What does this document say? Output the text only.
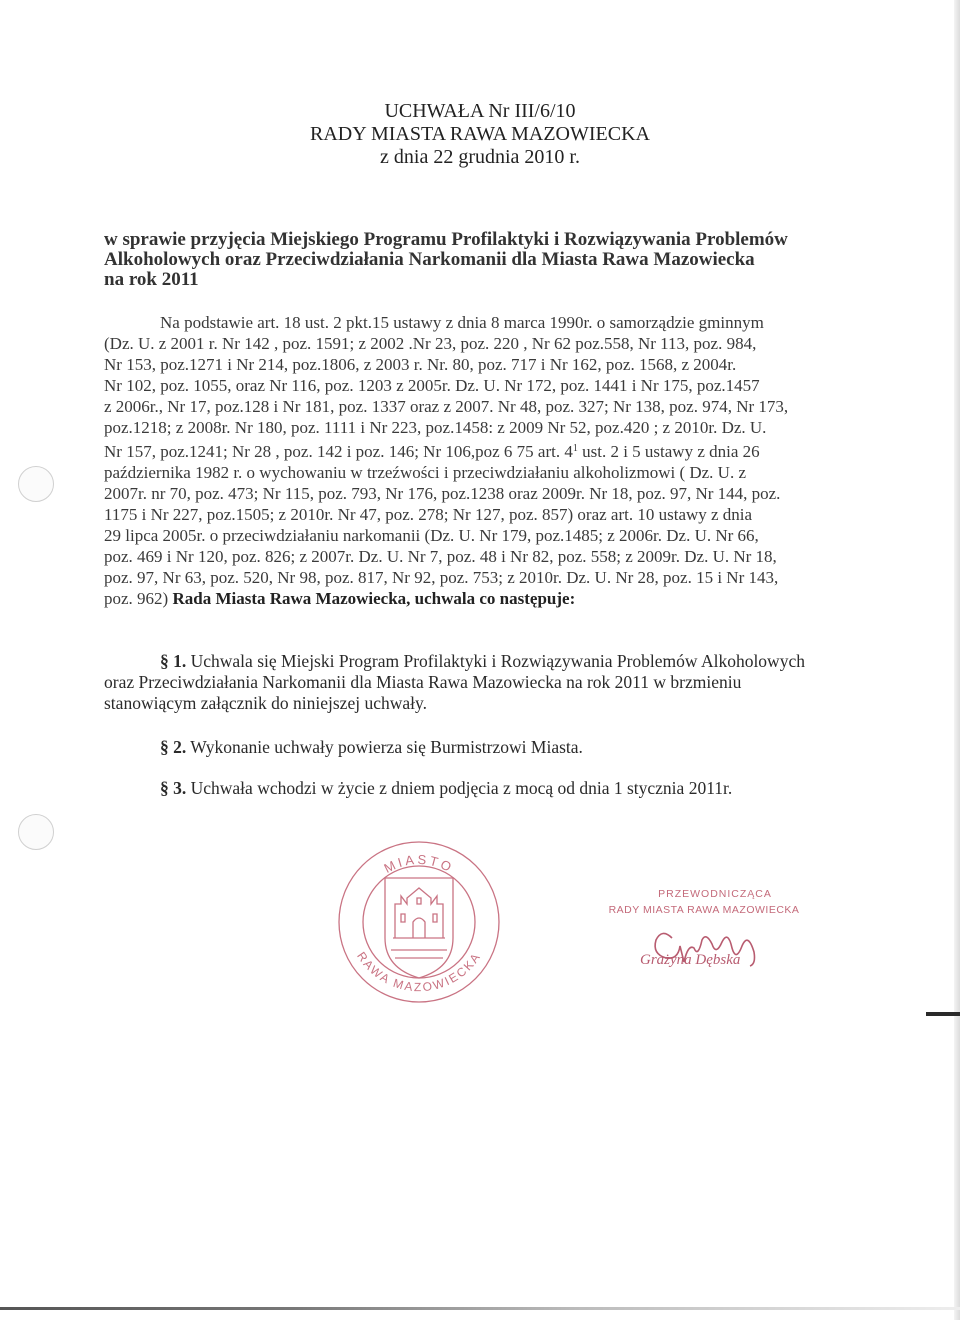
UCHWAŁA Nr III/6/10
RADY MIASTA RAWA MAZOWIECKA
z dnia 22 grudnia 2010 r.
w sprawie przyjęcia Miejskiego Programu Profilaktyki i Rozwiązywania Problemów
Alkoholowych oraz Przeciwdziałania Narkomanii dla Miasta Rawa Mazowiecka
na rok 2011
Na podstawie art. 18 ust. 2 pkt.15 ustawy z dnia 8 marca 1990r. o samorządzie gminnym
(Dz. U. z 2001 r. Nr 142 , poz. 1591; z 2002 .Nr 23, poz. 220 , Nr 62 poz.558, Nr 113, poz. 984,
Nr 153, poz.1271 i Nr 214, poz.1806, z 2003 r. Nr. 80, poz. 717 i Nr 162, poz. 1568, z 2004r.
Nr 102, poz. 1055, oraz Nr 116, poz. 1203 z 2005r. Dz. U. Nr 172, poz. 1441 i Nr 175, poz.1457
z 2006r., Nr 17, poz.128 i Nr 181, poz. 1337 oraz z 2007. Nr 48, poz. 327; Nr 138, poz. 974, Nr 173,
poz.1218; z 2008r. Nr 180, poz. 1111 i Nr 223, poz.1458: z 2009 Nr 52, poz.420 ; z 2010r. Dz. U.
Nr 157, poz.1241; Nr 28 , poz. 142 i poz. 146; Nr 106,poz 6 75 art. $4^1$ ust. 2 i 5 ustawy z dnia 26
października 1982 r. o wychowaniu w trzeźwości i przeciwdziałaniu alkoholizmowi ( Dz. U. z
2007r. nr 70, poz. 473; Nr 115, poz. 793, Nr 176, poz.1238 oraz 2009r. Nr 18, poz. 97, Nr 144, poz.
1175 i Nr 227, poz.1505; z 2010r. Nr 47, poz. 278; Nr 127, poz. 857) oraz art. 10 ustawy z dnia
29 lipca 2005r. o przeciwdziałaniu narkomanii (Dz. U. Nr 179, poz.1485; z 2006r. Dz. U. Nr 66,
poz. 469 i Nr 120, poz. 826; z 2007r. Dz. U. Nr 7, poz. 48 i Nr 82, poz. 558; z 2009r. Dz. U. Nr 18,
poz. 97, Nr 63, poz. 520, Nr 98, poz. 817, Nr 92, poz. 753; z 2010r. Dz. U. Nr 28, poz. 15 i Nr 143,
poz. 962) Rada Miasta Rawa Mazowiecka, uchwala co następuje:
§ 1. Uchwala się Miejski Program Profilaktyki i Rozwiązywania Problemów Alkoholowych
oraz Przeciwdziałania Narkomanii dla Miasta Rawa Mazowiecka na rok 2011 w brzmieniu
stanowiącym załącznik do niniejszej uchwały.
§ 2. Wykonanie uchwały powierza się Burmistrzowi Miasta.
§ 3. Uchwała wchodzi w życie z dniem podjęcia z mocą od dnia 1 stycznia 2011r.
MIASTO
RAWA MAZOWIECKA
PRZEWODNICZĄCA
RADY MIASTA RAWA MAZOWIECKA
Grażyna Dębska
